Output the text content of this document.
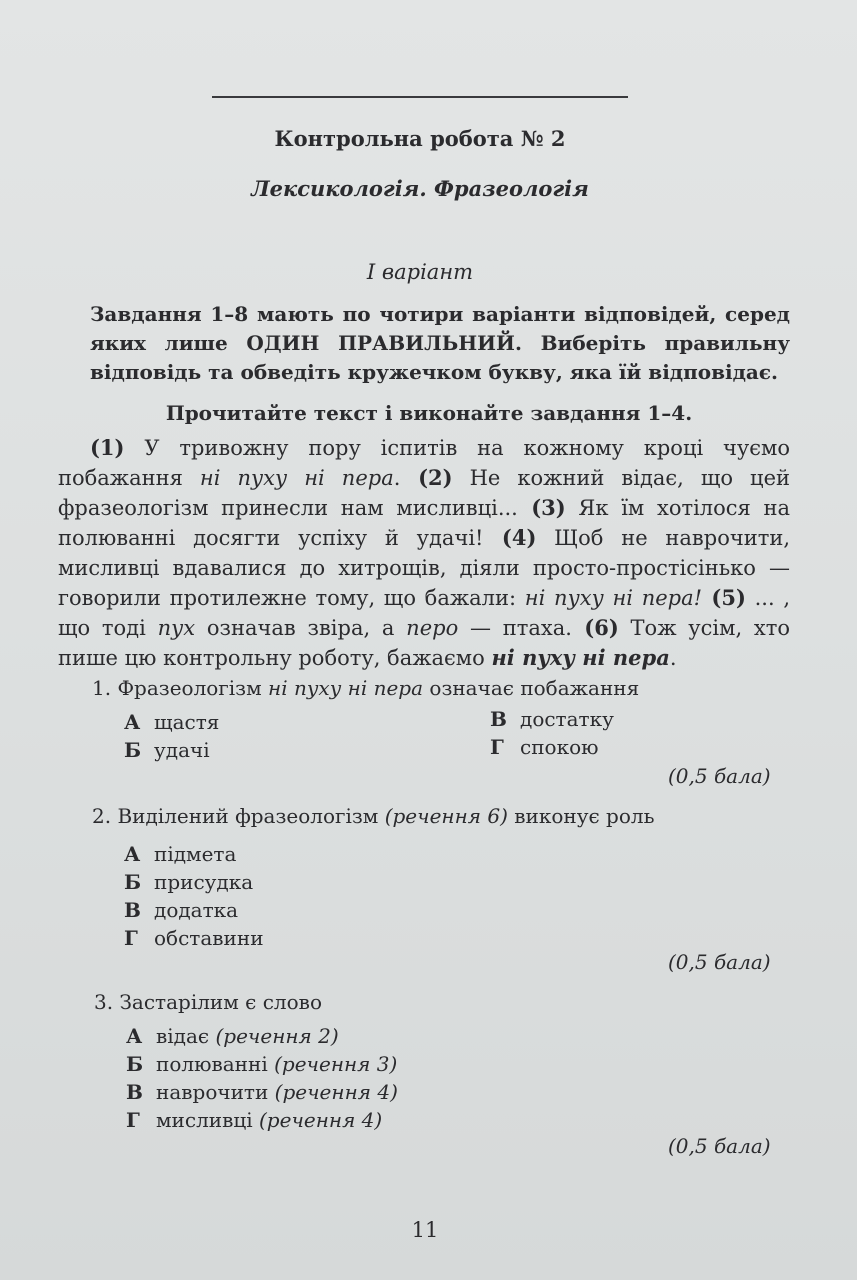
Контрольна робота № 2
Лексикологія. Фразеологія
І варіант
Завдання 1–8 мають по чотири варіанти відповідей, серед яких лише ОДИН ПРАВИЛЬНИЙ. Виберіть правильну відповідь та обведіть кружечком букву, яка їй відповідає.
Прочитайте текст і виконайте завдання 1–4.
(1) У тривожну пору іспитів на кожному кроці чуємо побажання ні пуху ні пера. (2) Не кожний відає, що цей фразеологізм принесли нам мисливці... (3) Як їм хотілося на полюванні досягти успіху й удачі! (4) Щоб не наврочити, мисливці вдавалися до хитрощів, діяли просто-простісінько — говорили протилежне тому, що бажали: ні пуху ні пера! (5) ... , що тоді пух означав звіра, а перо — птаха. (6) Тож усім, хто пише цю контрольну роботу, бажаємо ні пуху ні пера.
1. Фразеологізм ні пуху ні пера означає побажання
А щастя
Б удачі
В достатку
Г спокою
(0,5 бала)
2. Виділений фразеологізм (речення 6) виконує роль
А підмета
Б присудка
В додатка
Г обставини
(0,5 бала)
3. Застарілим є слово
А відає (речення 2)
Б полюванні (речення 3)
В наврочити (речення 4)
Г мисливці (речення 4)
(0,5 бала)
11
